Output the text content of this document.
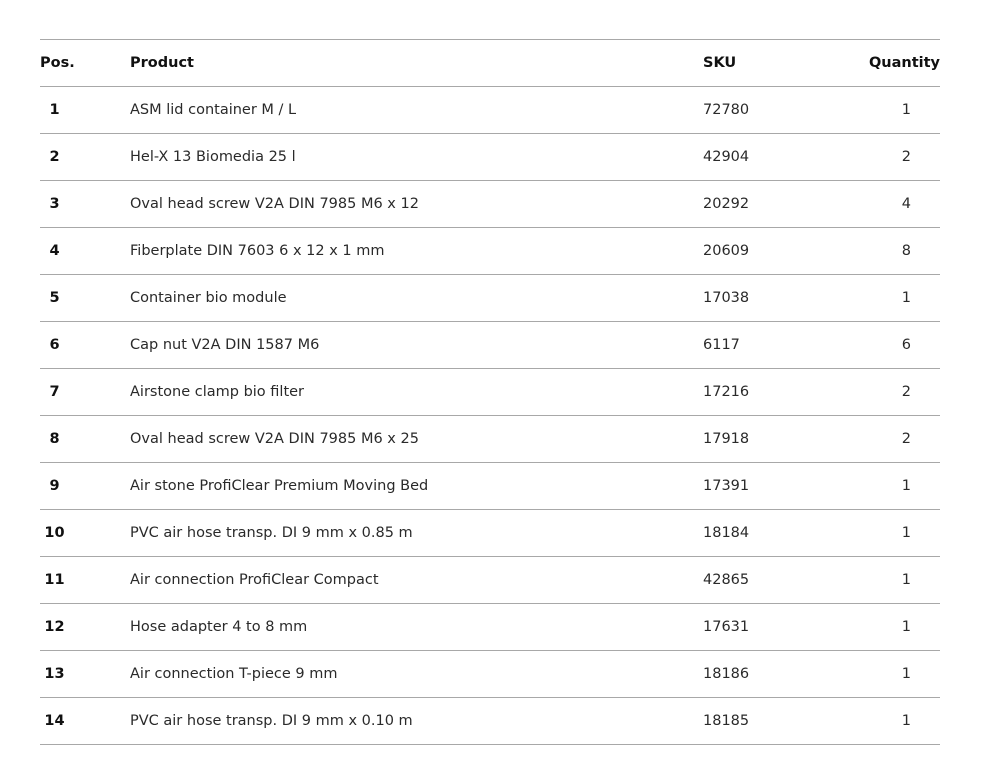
Pos.	Product	SKU	Quantity
1	ASM lid container M / L	72780	1
2	Hel-X 13 Biomedia 25 l	42904	2
3	Oval head screw V2A DIN 7985 M6 x 12	20292	4
4	Fiberplate DIN 7603 6 x 12 x 1 mm	20609	8
5	Container bio module	17038	1
6	Cap nut V2A DIN 1587 M6	6117	6
7	Airstone clamp bio filter	17216	2
8	Oval head screw V2A DIN 7985 M6 x 25	17918	2
9	Air stone ProfiClear Premium Moving Bed	17391	1
10	PVC air hose transp. DI 9 mm x 0.85 m	18184	1
11	Air connection ProfiClear Compact	42865	1
12	Hose adapter 4 to 8 mm	17631	1
13	Air connection T-piece 9 mm	18186	1
14	PVC air hose transp. DI 9 mm x 0.10 m	18185	1
